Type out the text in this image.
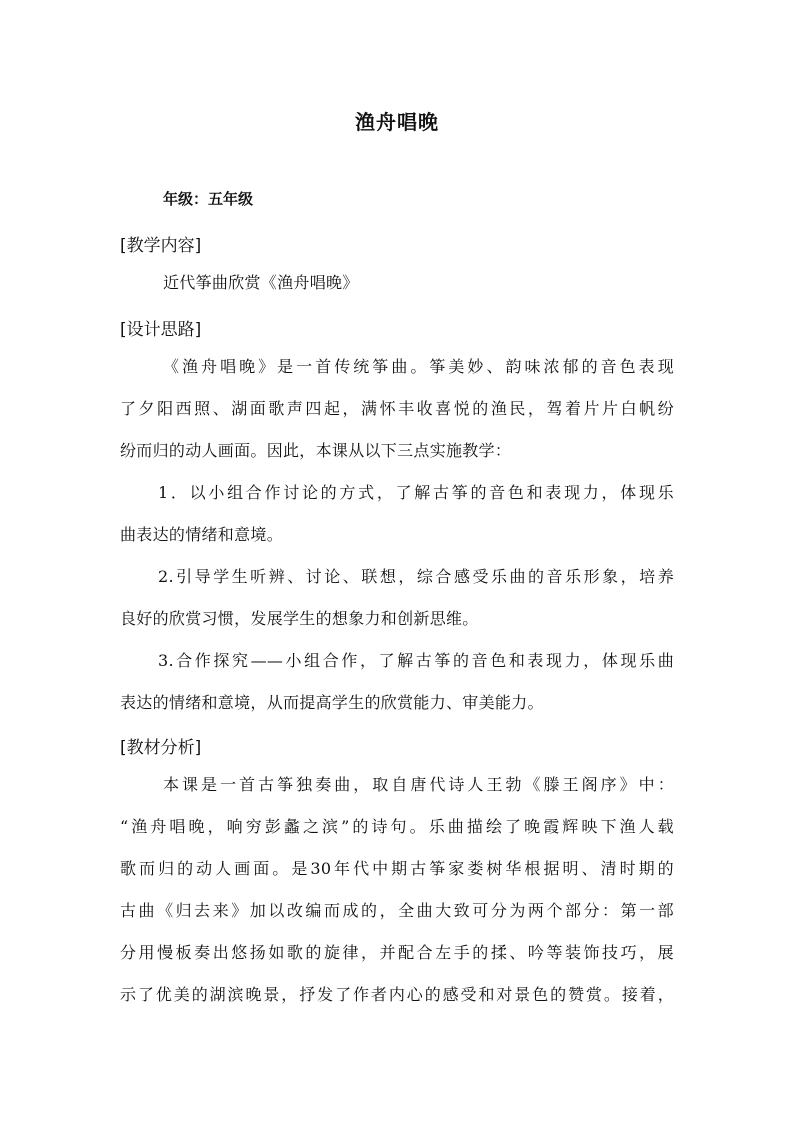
渔舟唱晚
年级：五年级
[教学内容]
近代筝曲欣赏《渔舟唱晚》
[设计思路]
《渔舟唱晚》是一首传统筝曲。筝美妙、韵味浓郁的音色表现
了夕阳西照、湖面歌声四起，满怀丰收喜悦的渔民，驾着片片白帆纷
纷而归的动人画面。因此，本课从以下三点实施教学：
1．以小组合作讨论的方式，了解古筝的音色和表现力，体现乐
曲表达的情绪和意境。
2.引导学生听辨、讨论、联想，综合感受乐曲的音乐形象，培养
良好的欣赏习惯，发展学生的想象力和创新思维。
3.合作探究——小组合作，了解古筝的音色和表现力，体现乐曲
表达的情绪和意境，从而提高学生的欣赏能力、审美能力。
[教材分析]
本课是一首古筝独奏曲，取自唐代诗人王勃《滕王阁序》中：
“渔舟唱晚，响穷彭蠡之滨”的诗句。乐曲描绘了晚霞辉映下渔人载
歌而归的动人画面。是30年代中期古筝家娄树华根据明、清时期的
古曲《归去来》加以改编而成的，全曲大致可分为两个部分：第一部
分用慢板奏出悠扬如歌的旋律，并配合左手的揉、吟等装饰技巧，展
示了优美的湖滨晚景，抒发了作者内心的感受和对景色的赞赏。接着，
